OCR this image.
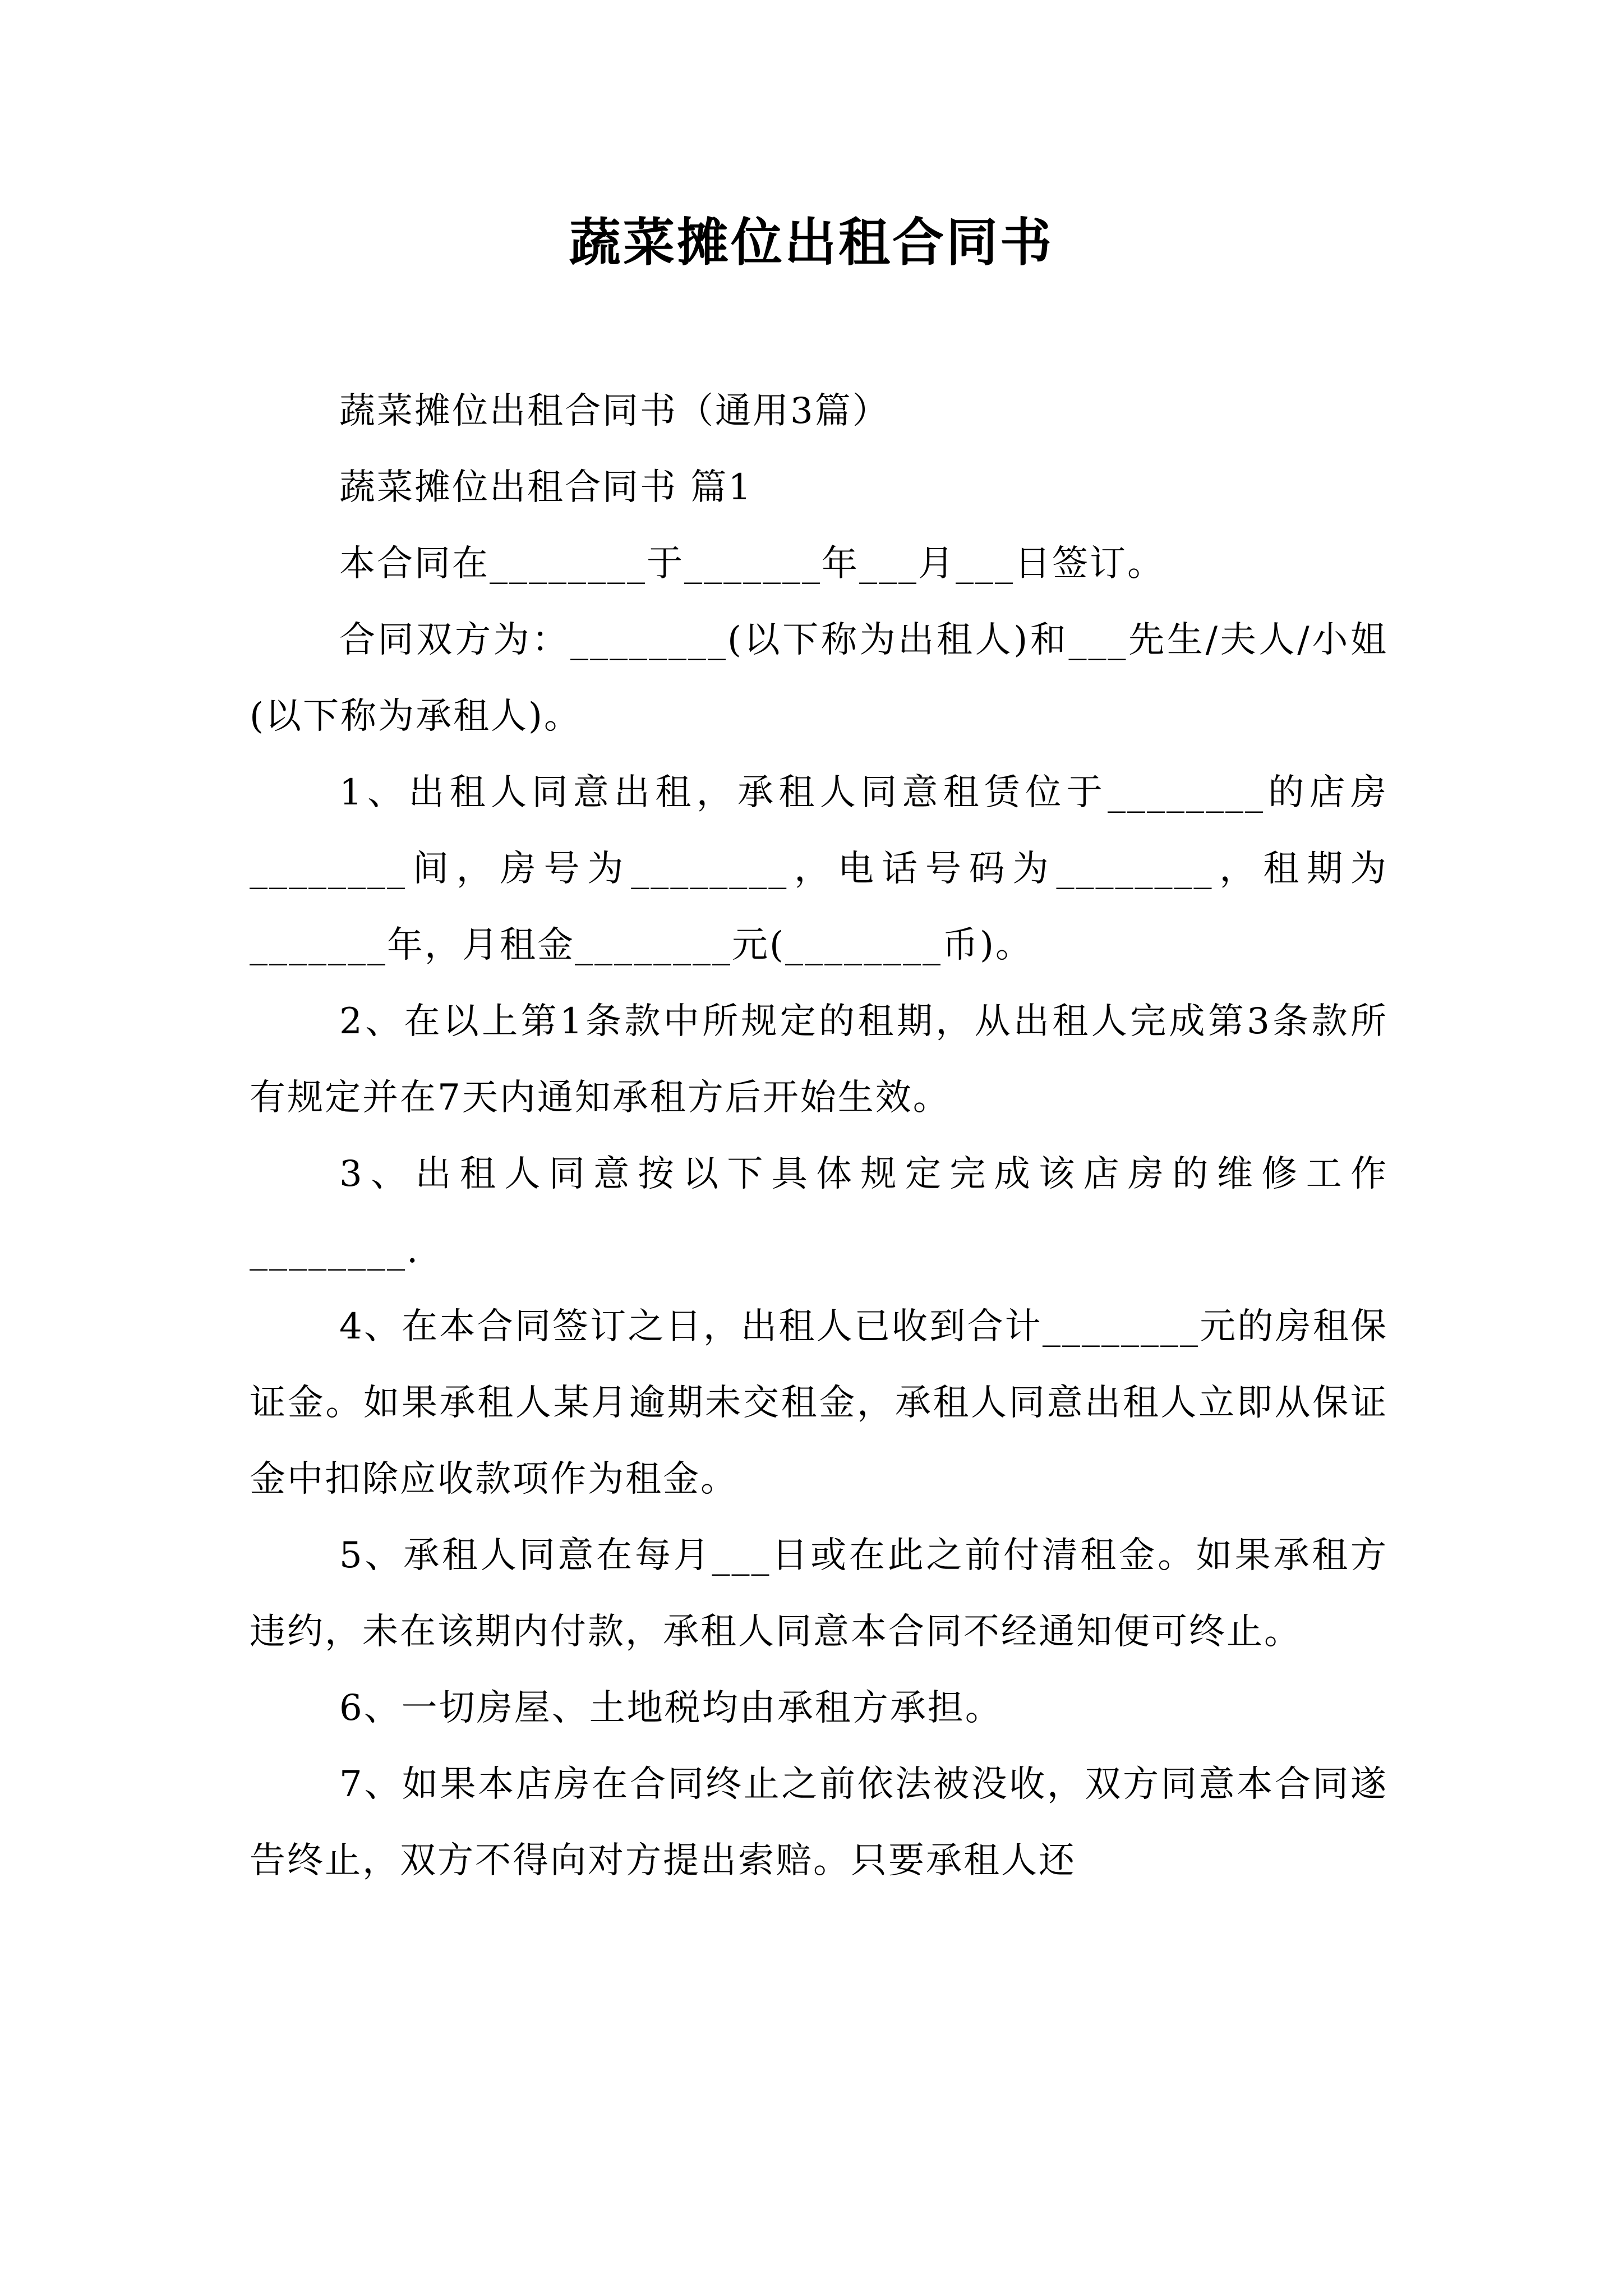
蔬菜摊位出租合同书

蔬菜摊位出租合同书（通用3篇）

蔬菜摊位出租合同书 篇1

本合同在________于_______年___月___日签订。

合同双方为：________(以下称为出租人)和___先生/夫人/小姐(以下称为承租人)。

1、出租人同意出租，承租人同意租赁位于________的店房________间，房号为________，电话号码为________，租期为_______年，月租金________元(________币)。

2、在以上第1条款中所规定的租期，从出租人完成第3条款所有规定并在7天内通知承租方后开始生效。

3、出租人同意按以下具体规定完成该店房的维修工作________.

4、在本合同签订之日，出租人已收到合计________元的房租保证金。如果承租人某月逾期未交租金，承租人同意出租人立即从保证金中扣除应收款项作为租金。

5、承租人同意在每月___日或在此之前付清租金。如果承租方违约，未在该期内付款，承租人同意本合同不经通知便可终止。

6、一切房屋、土地税均由承租方承担。

7、如果本店房在合同终止之前依法被没收，双方同意本合同遂告终止，双方不得向对方提出索赔。只要承租人还
